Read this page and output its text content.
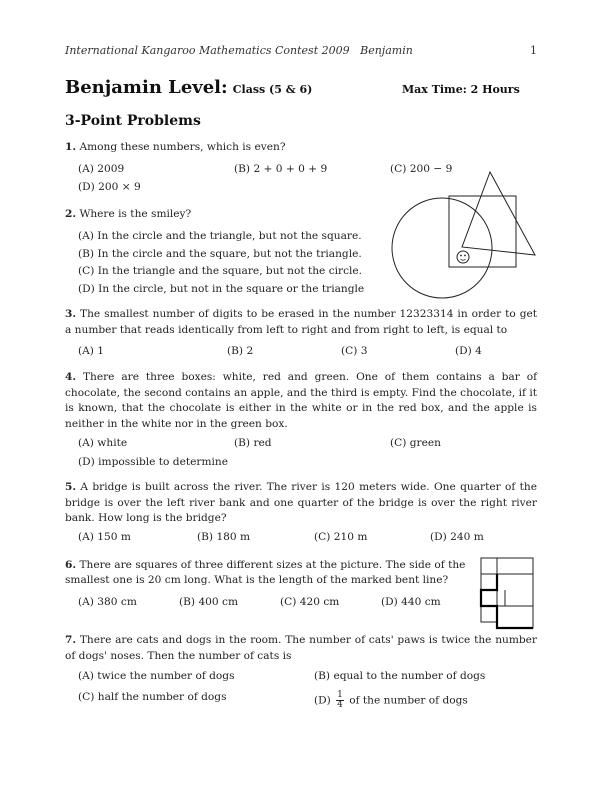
International Kangaroo Mathematics Contest 2009 Benjamin	1
Benjamin Level: Class (5 & 6)	Max Time: 2 Hours
3-Point Problems
1. Among these numbers, which is even?
(A) 2009	(B) 2 + 0 + 0 + 9	(C) 200 − 9
(D) 200 × 9
2. Where is the smiley?
(A) In the circle and the triangle, but not the square.
(B) In the circle and the square, but not the triangle.
(C) In the triangle and the square, but not the circle.
(D) In the circle, but not in the square or the triangle
3. The smallest number of digits to be erased in the number 12323314 in order to get a number that reads identically from left to right and from right to left, is equal to
(A) 1	(B) 2	(C) 3	(D) 4
4. There are three boxes: white, red and green. One of them contains a bar of chocolate, the second contains an apple, and the third is empty. Find the chocolate, if it is known, that the chocolate is either in the white or in the red box, and the apple is neither in the white nor in the green box.
(A) white	(B) red	(C) green
(D) impossible to determine
5. A bridge is built across the river. The river is 120 meters wide. One quarter of the bridge is over the left river bank and one quarter of the bridge is over the right river bank. How long is the bridge?
(A) 150 m	(B) 180 m	(C) 210 m	(D) 240 m
6. There are squares of three different sizes at the picture. The side of the
smallest one is 20 cm long. What is the length of the marked bent line?
(A) 380 cm	(B) 400 cm	(C) 420 cm	(D) 440 cm
7. There are cats and dogs in the room. The number of cats' paws is twice the number of dogs' noses. Then the number of cats is
(A) twice the number of dogs	(B) equal to the number of dogs
(C) half the number of dogs	$(D) \frac{1}{4}$ of the number of dogs
